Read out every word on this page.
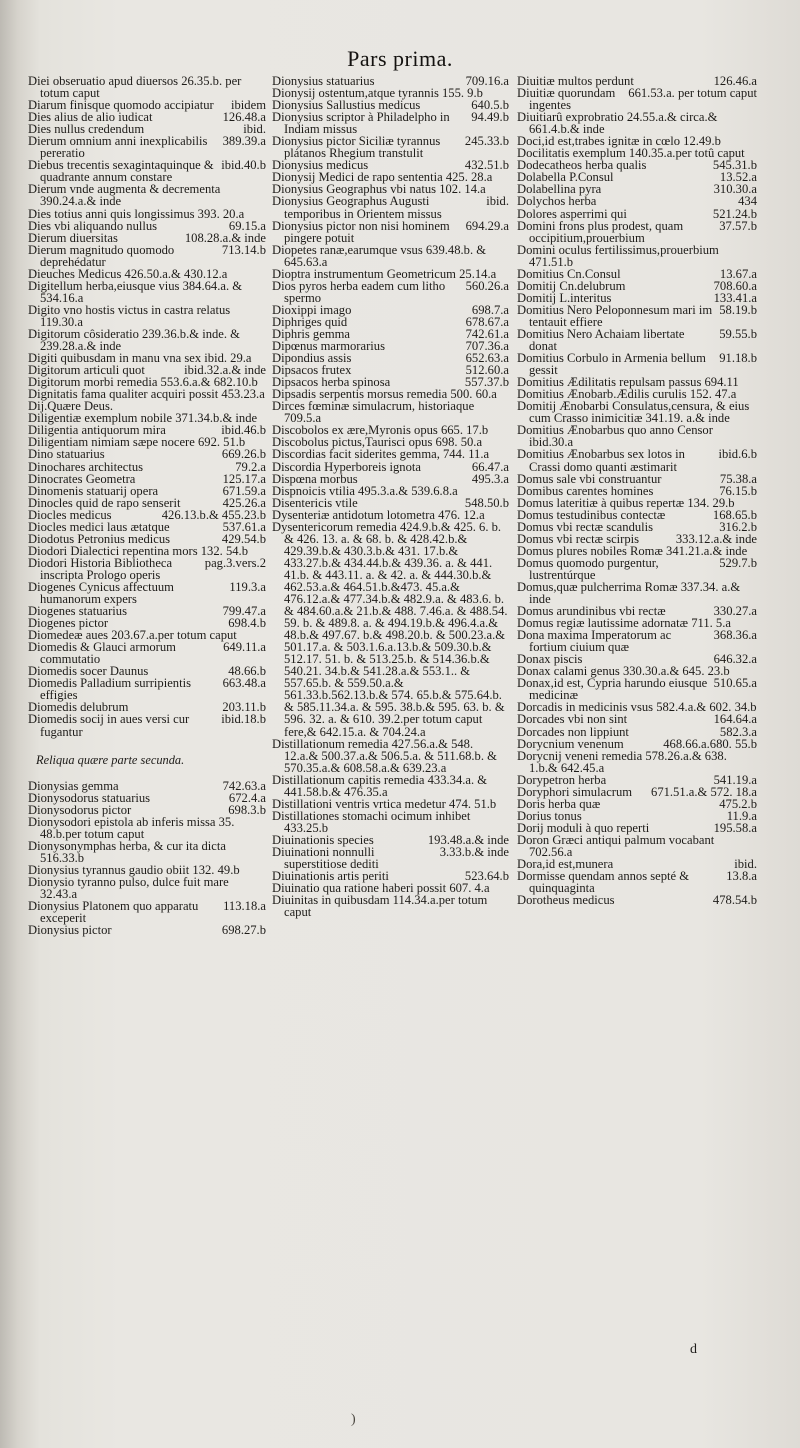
Pars prima.
Diei obseruatio apud diuersos 26.35.b. per totum caput
ibidem
Diarum finisque quomodo accipiatur
126.48.a
Dies alius de alio iudicat
ibid.
Dies nullus credendum
389.39.a
Dierum omnium anni inexplicabilis pereratio
ibid.40.b
Diebus trecentis sexagintaquinque & quadrante annum constare
Dierum vnde augmenta & decrementa 390.24.a.& inde
Dies totius anni quis longissimus 393. 20.a
69.15.a
Dies vbi aliquando nullus
108.28.a.& inde
Dierum diuersitas
713.14.b
Dierum magnitudo quomodo deprehédatur
Dieuches Medicus 426.50.a.& 430.12.a
Digitellum herba,eiusque vius 384.64.a. & 534.16.a
Digito vno hostis victus in castra relatus 119.30.a
Digitorum côsideratio 239.36.b.& inde. & 239.28.a.& inde
Digiti quibusdam in manu vna sex ibid. 29.a
ibid.32.a.& inde
Digitorum articuli quot
Digitorum morbi remedia 553.6.a.& 682.10.b
Dignitatis fama qualiter acquiri possit 453.23.a
Dij.Quære Deus.
Diligentiæ exemplum nobile 371.34.b.& inde
ibid.46.b
Diligentia antiquorum mira
Diligentiam nimiam sæpe nocere 692. 51.b
669.26.b
Dino statuarius
79.2.a
Dinochares architectus
125.17.a
Dinocrates Geometra
671.59.a
Dinomenis statuarij opera
425.26.a
Dinocles quid de rapo senserit
426.13.b.& 455.23.b
Diocles medicus
537.61.a
Diocles medici laus ætatque
429.54.b
Diodotus Petronius medicus
Diodori Dialectici repentina mors 132. 54.b
pag.3.vers.2
Diodori Historia Bibliotheca inscripta Prologo operis
119.3.a
Diogenes Cynicus affectuum humanorum expers
799.47.a
Diogenes statuarius
698.4.b
Diogenes pictor
Diomedeæ aues 203.67.a.per totum caput
649.11.a
Diomedis & Glauci armorum commutatio
48.66.b
Diomedis socer Daunus
663.48.a
Diomedis Palladium surripientis effigies
203.11.b
Diomedis delubrum
ibid.18.b
Diomedis socij in aues versi cur fugantur
Reliqua quære parte secunda.
742.63.a
Dionysias gemma
672.4.a
Dionysodorus statuarius
698.3.b
Dionysodorus pictor
Dionysodori epistola ab inferis missa 35. 48.b.per totum caput
Dionysonymphas herba, & cur ita dicta 516.33.b
Dionysius tyrannus gaudio obiit 132. 49.b
Dionysio tyranno pulso, dulce fuit mare 32.43.a
113.18.a
Dionysius Platonem quo apparatu exceperit
698.27.b
Dionysius pictor
709.16.a
Dionysius statuarius
Dionysij ostentum,atque tyrannis 155. 9.b
640.5.b
Dionysius Sallustius medicus
94.49.b
Dionysius scriptor à Philadelpho in Indiam missus
245.33.b
Dionysius pictor Siciliæ tyrannus plátanos Rhegium transtulit
432.51.b
Dionysius medicus
Dionysij Medici de rapo sententia 425. 28.a
Dionysius Geographus vbi natus 102. 14.a
ibid.
Dionysius Geographus Augusti temporibus in Orientem missus
694.29.a
Dionysius pictor non nisi hominem pingere potuit
Diopetes ranæ,earumque vsus 639.48.b. & 645.63.a
Dioptra instrumentum Geometricum 25.14.a
560.26.a
Dios pyros herba eadem cum litho spermo
698.7.a
Dioxippi imago
678.67.a
Diphriges quid
742.61.a
Diphris gemma
707.36.a
Dipœnus marmorarius
652.63.a
Dipondius assis
512.60.a
Dipsacos frutex
557.37.b
Dipsacos herba spinosa
Dipsadis serpentis morsus remedia 500. 60.a
Dirces fœminæ simulacrum, historiaque 709.5.a
Discobolos ex ære,Myronis opus 665. 17.b
Discobolus pictus,Taurisci opus 698. 50.a
Discordias facit siderites gemma, 744. 11.a
66.47.a
Discordia Hyperboreis ignota
495.3.a
Dispœna morbus
Dispnoicis vtilia 495.3.a.& 539.6.8.a
548.50.b
Disentericis vtile
Dysenteriæ antidotum lotometra 476. 12.a
Dysentericorum remedia 424.9.b.& 425. 6. b. & 426. 13. a. & 68. b. & 428.42.b.& 429.39.b.& 430.3.b.& 431. 17.b.& 433.27.b.& 434.44.b.& 439.36. a. & 441. 41.b. & 443.11. a. & 42. a. & 444.30.b.& 462.53.a.& 464.51.b.&473. 45.a.& 476.12.a.& 477.34.b.& 482.9.a. & 483.6. b. & 484.60.a.& 21.b.& 488. 7.46.a. & 488.54. 59. b. & 489.8. a. & 494.19.b.& 496.4.a.& 48.b.& 497.67. b.& 498.20.b. & 500.23.a.& 501.17.a. & 503.1.6.a.13.b.& 509.30.b.& 512.17. 51. b. & 513.25.b. & 514.36.b.& 540.21. 34.b.& 541.28.a.& 553.1.. & 557.65.b. & 559.50.a.& 561.33.b.562.13.b.& 574. 65.b.& 575.64.b. & 585.11.34.a. & 595. 38.b.& 595. 63. b. & 596. 32. a. & 610. 39.2.per totum caput fere,& 642.15.a. & 704.24.a
Distillationum remedia 427.56.a.& 548. 12.a.& 500.37.a.& 506.5.a. & 511.68.b. & 570.35.a.& 608.58.a.& 639.23.a
Distillationum capitis remedia 433.34.a. & 441.58.b.& 476.35.a
Distillationi ventris vrtica medetur 474. 51.b
Distillationes stomachi ocimum inhibet 433.25.b
193.48.a.& inde
Diuinationis species
3.33.b.& inde
Diuinationi nonnulli superstitiose dediti
523.64.b
Diuinationis artis periti
Diuinatio qua ratione haberi possit 607. 4.a
Diuinitas in quibusdam 114.34.a.per totum caput
126.46.a
Diuitiæ multos perdunt
661.53.a. per totum caput
Diuitiæ quorundam ingentes
Diuitiarû exprobratio 24.55.a.& circa.& 661.4.b.& inde
Doci,id est,trabes ignitæ in cœlo 12.49.b
Docilitatis exemplum 140.35.a.per totû caput
545.31.b
Dodecatheos herba qualis
13.52.a
Dolabella P.Consul
310.30.a
Dolabellina pyra
434
Dolychos herba
521.24.b
Dolores asperrimi qui
37.57.b
Domini frons plus prodest, quam occipitium,prouerbium
Domini oculus fertilissimus,prouerbium 471.51.b
13.67.a
Domitius Cn.Consul
708.60.a
Domitij Cn.delubrum
133.41.a
Domitij L.interitus
58.19.b
Domitius Nero Peloponnesum mari im tentauit effiere
59.55.b
Domitius Nero Achaiam libertate donat
91.18.b
Domitius Corbulo in Armenia bellum gessit
Domitius Ædilitatis repulsam passus 694.11
Domitius Ænobarb.Ædilis curulis 152. 47.a
Domitij Ænobarbi Consulatus,censura, & eius cum Crasso inimicitiæ 341.19. a.& inde
Domitius Ænobarbus quo anno Censor ibid.30.a
ibid.6.b
Domitius Ænobarbus sex lotos in Crassi domo quanti æstimarit
75.38.a
Domus sale vbi construantur
76.15.b
Domibus carentes homines
Domus lateritiæ à quibus repertæ 134. 29.b
168.65.b
Domus testudinibus contectæ
316.2.b
Domus vbi rectæ scandulis
333.12.a.& inde
Domus vbi rectæ scirpis
Domus plures nobiles Romæ 341.21.a.& inde
529.7.b
Domus quomodo purgentur, lustrentúrque
Domus,quæ pulcherrima Romæ 337.34. a.& inde
330.27.a
Domus arundinibus vbi rectæ
Domus regiæ lautissime adornatæ 711. 5.a
368.36.a
Dona maxima Imperatorum ac fortium ciuium quæ
646.32.a
Donax piscis
Donax calami genus 330.30.a.& 645. 23.b
510.65.a
Donax,id est, Cypria harundo eiusque medicinæ
Dorcadis in medicinis vsus 582.4.a.& 602. 34.b
164.64.a
Dorcades vbi non sint
582.3.a
Dorcades non lippiunt
468.66.a.680. 55.b
Dorycnium venenum
Dorycnij veneni remedia 578.26.a.& 638. 1.b.& 642.45.a
541.19.a
Dorypetron herba
671.51.a.& 572. 18.a
Doryphori simulacrum
475.2.b
Doris herba quæ
11.9.a
Dorius tonus
195.58.a
Dorij moduli à quo reperti
Doron Græci antiqui palmum vocabant 702.56.a
ibid.
Dora,id est,munera
13.8.a
Dormisse quendam annos septé & quinquaginta
478.54.b
Dorotheus medicus
d
)
